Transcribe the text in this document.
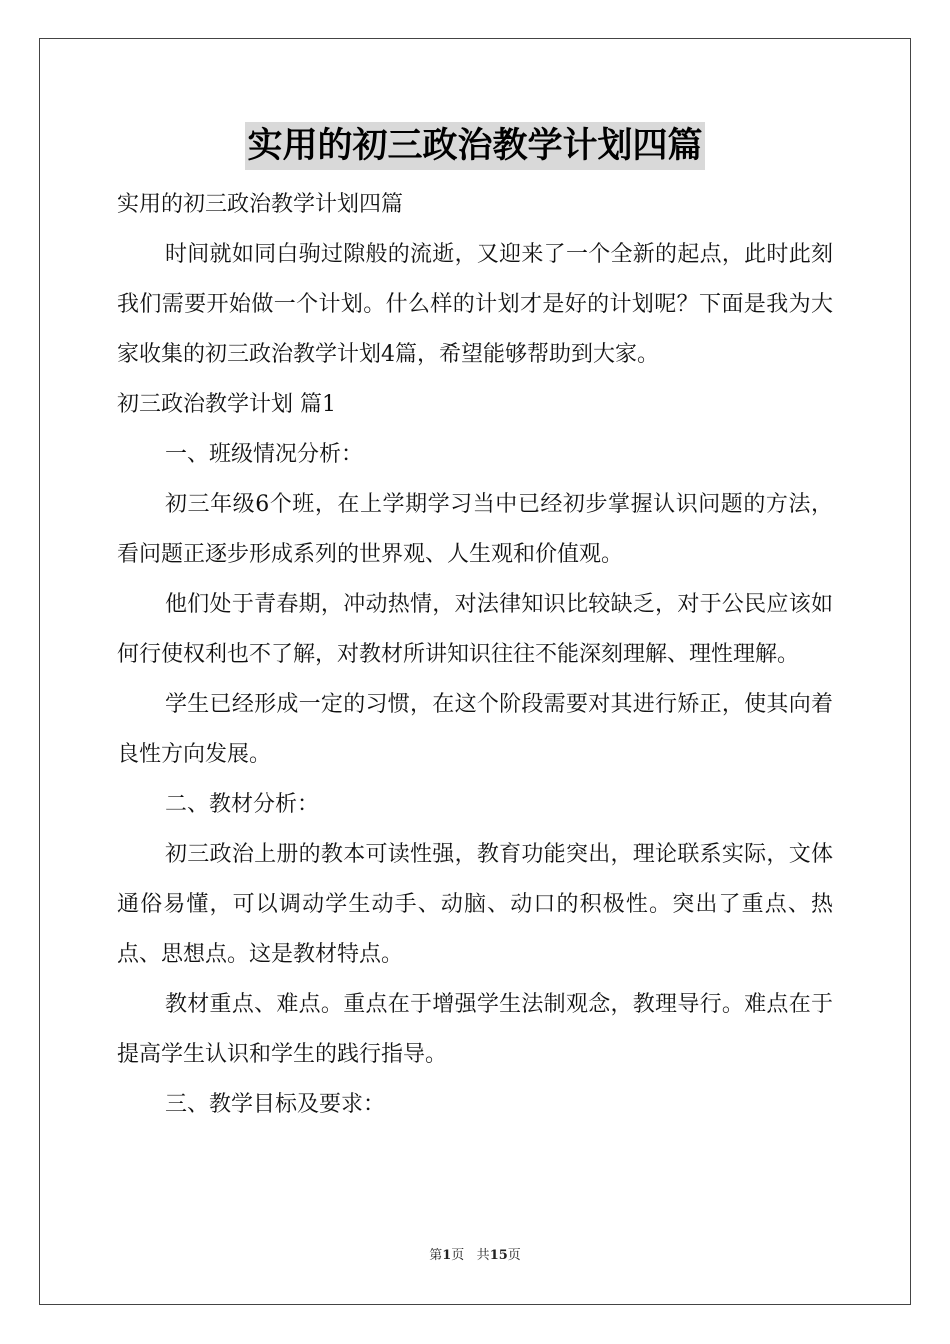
实用的初三政治教学计划四篇

实用的初三政治教学计划四篇

时间就如同白驹过隙般的流逝，又迎来了一个全新的起点，此时此刻我们需要开始做一个计划。什么样的计划才是好的计划呢？下面是我为大家收集的初三政治教学计划4篇，希望能够帮助到大家。

初三政治教学计划 篇1

一、班级情况分析：

初三年级6个班，在上学期学习当中已经初步掌握认识问题的方法，看问题正逐步形成系列的世界观、人生观和价值观。

他们处于青春期，冲动热情，对法律知识比较缺乏，对于公民应该如何行使权利也不了解，对教材所讲知识往往不能深刻理解、理性理解。

学生已经形成一定的习惯，在这个阶段需要对其进行矫正，使其向着良性方向发展。

二、教材分析：

初三政治上册的教本可读性强，教育功能突出，理论联系实际，文体通俗易懂，可以调动学生动手、动脑、动口的积极性。突出了重点、热点、思想点。这是教材特点。

教材重点、难点。重点在于增强学生法制观念，教理导行。难点在于提高学生认识和学生的践行指导。

三、教学目标及要求：

第1页 共15页
